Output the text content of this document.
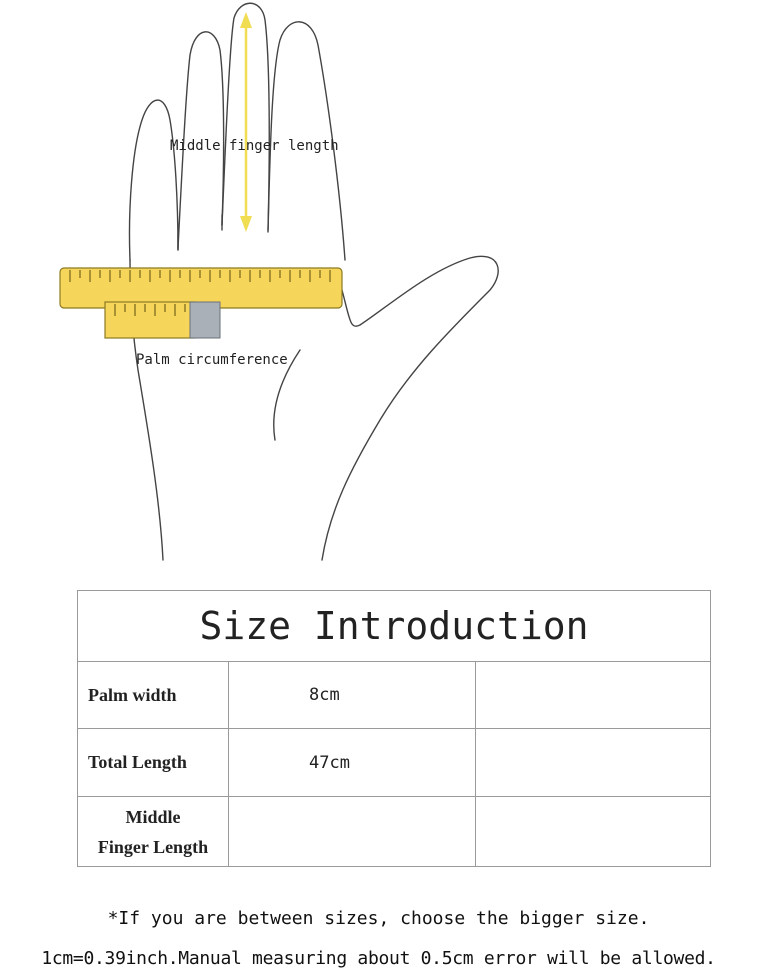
Middle finger length
Palm circumference
Size Introduction
Palm width	8cm
Total Length	47cm
Middle
Finger Length
*If you are between sizes, choose the bigger size.
1cm=0.39inch.Manual measuring about 0.5cm error will be allowed.
